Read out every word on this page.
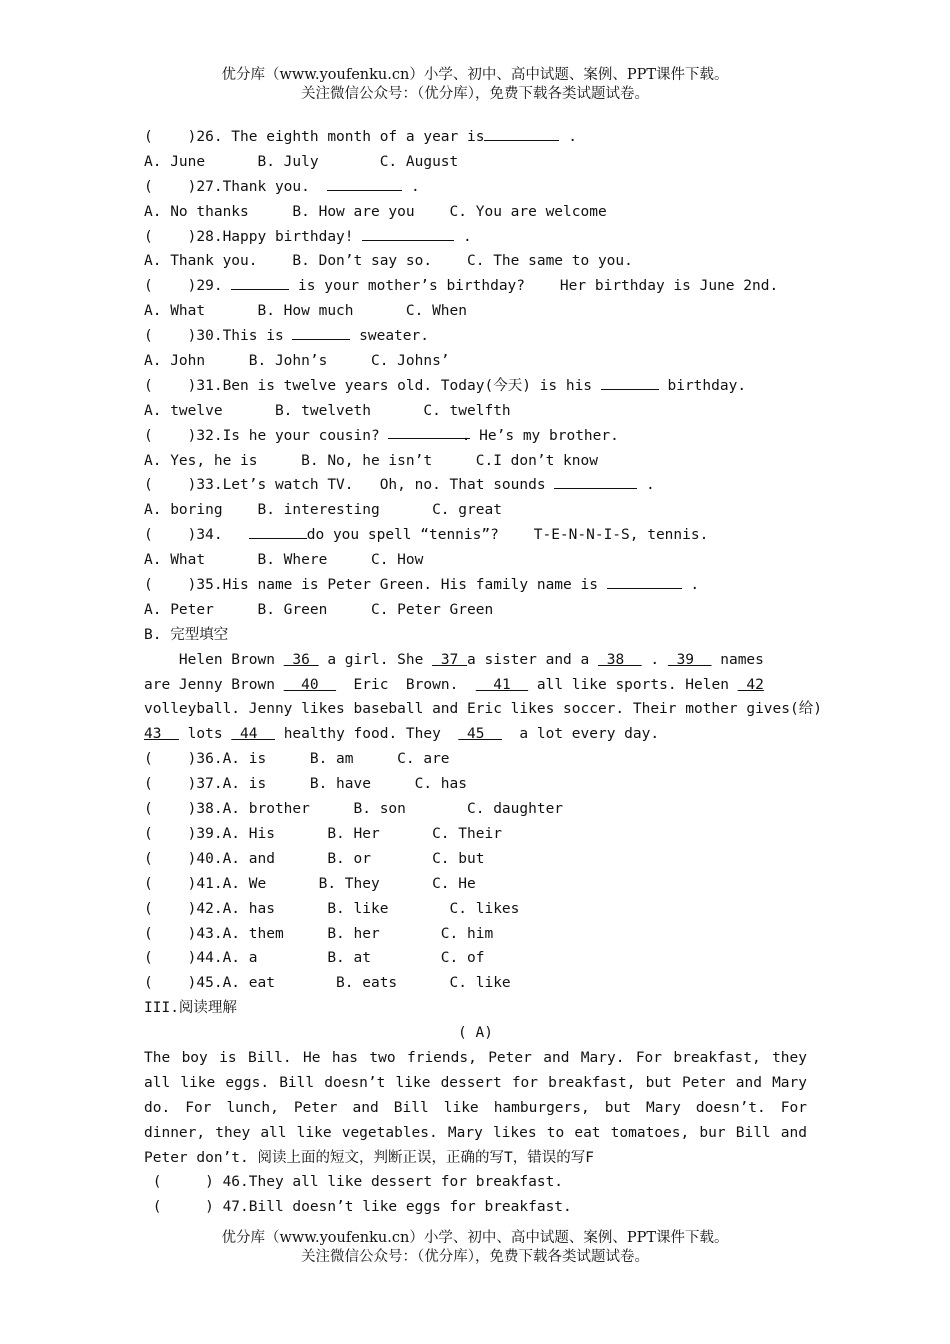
优分库（www.youfenku.cn）小学、初中、高中试题、案例、PPT课件下载。
关注微信公众号：（优分库），免费下载各类试题试卷。
(    )26. The eighth month of a year is	.
A. June      B. July       C. August
(    )27.Thank you.	.
A. No thanks     B. How are you    C. You are welcome
(    )28.Happy birthday!	.
A. Thank you.    B. Don’t say so.    C. The same to you.
(    )29.	is your mother’s birthday?    Her birthday is June 2nd.
A. What      B. How much      C. When
(    )30.This is	sweater.
A. John     B. John’s     C. Johns’
(    )31.Ben is twelve years old. Today(今天) is his	birthday.
A. twelve      B. twelveth      C. twelfth
(    )32.Is he your cousin?	. He’s my brother.
A. Yes, he is     B. No, he isn’t     C.I don’t know
(    )33.Let’s watch TV.   Oh, no. That sounds	.
A. boring    B. interesting      C. great
(    )34.	do you spell “tennis”?    T-E-N-N-I-S, tennis.
A. What      B. Where     C. How
(    )35.His name is Peter Green. His family name is	.
A. Peter     B. Green     C. Peter Green
B. 完型填空
Helen Brown  36  a girl. She  37 a sister and a  38   .  39   names
are Jenny Brown   40    Eric  Brown.    41   all like sports. Helen  42
volleyball. Jenny likes baseball and Eric likes soccer. Their mother gives(给)
43   lots  44   healthy food. They   45    a lot every day.
(    )36.A. is     B. am     C. are
(    )37.A. is     B. have     C. has
(    )38.A. brother     B. son       C. daughter
(    )39.A. His      B. Her      C. Their
(    )40.A. and      B. or       C. but
(    )41.A. We      B. They      C. He
(    )42.A. has      B. like       C. likes
(    )43.A. them     B. her       C. him
(    )44.A. a        B. at        C. of
(    )45.A. eat       B. eats      C. like
III.阅读理解
( A)
The boy is Bill. He has two friends, Peter and Mary. For breakfast, they all like eggs. Bill doesn’t like dessert for breakfast, but Peter and Mary do. For lunch, Peter and Bill like hamburgers, but Mary doesn’t. For dinner, they all like vegetables. Mary likes to eat tomatoes, bur Bill and Peter don’t. 阅读上面的短文，判断正误，正确的写T，错误的写F
(     ) 46.They all like dessert for breakfast.
(     ) 47.Bill doesn’t like eggs for breakfast.
优分库（www.youfenku.cn）小学、初中、高中试题、案例、PPT课件下载。
关注微信公众号：（优分库），免费下载各类试题试卷。
